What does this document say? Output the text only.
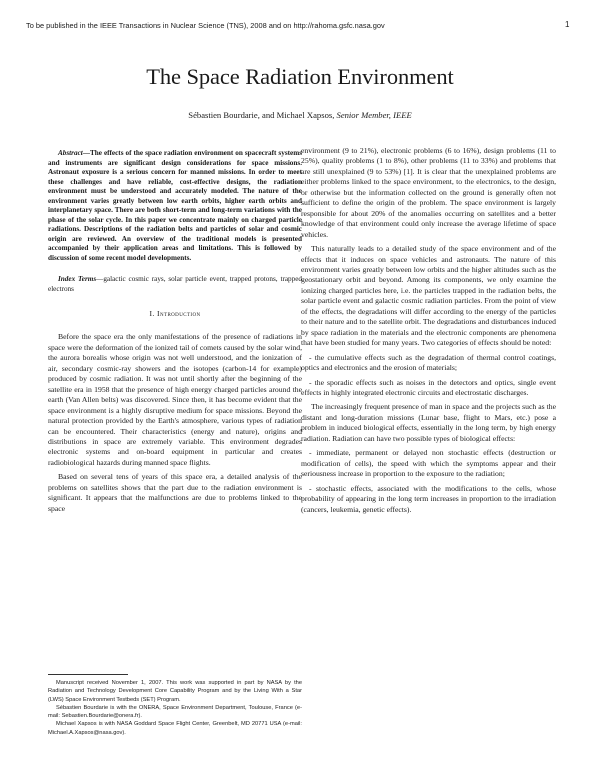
To be published in the IEEE Transactions in Nuclear Science (TNS), 2008 and on http://rahoma.gsfc.nasa.gov	1
The Space Radiation Environment
Sébastien Bourdarie, and Michael Xapsos, Senior Member, IEEE

Abstract—The effects of the space radiation environment on spacecraft systems and instruments are significant design considerations for space missions. Astronaut exposure is a serious concern for manned missions. In order to meet these challenges and have reliable, cost-effective designs, the radiation environment must be understood and accurately modeled. The nature of the environment varies greatly between low earth orbits, higher earth orbits and interplanetary space. There are both short-term and long-term variations with the phase of the solar cycle. In this paper we concentrate mainly on charged particle radiations. Descriptions of the radiation belts and particles of solar and cosmic origin are reviewed. An overview of the traditional models is presented accompanied by their application areas and limitations. This is followed by discussion of some recent model developments.

Index Terms—galactic cosmic rays, solar particle event, trapped protons, trapped electrons

I. Introduction

Before the space era the only manifestations of the presence of radiations in space were the deformation of the ionized tail of comets caused by the solar wind, the aurora borealis whose origin was not well understood, and the ionization of air, secondary cosmic-ray showers and the isotopes (carbon-14 for example) produced by cosmic radiation. It was not until shortly after the beginning of the satellite era in 1958 that the presence of high energy charged particles around the earth (Van Allen belts) was discovered. Since then, it has become evident that the space environment is a highly disruptive medium for space missions. Beyond the natural protection provided by the Earth's atmosphere, various types of radiation can be encountered. Their characteristics (energy and nature), origins and distributions in space are extremely variable. This environment degrades electronic systems and on-board equipment in particular and creates radiobiological hazards during manned space flights.

Based on several tens of years of this space era, a detailed analysis of the problems on satellites shows that the part due to the radiation environment is significant. It appears that the malfunctions are due to problems linked to the space

Manuscript received November 1, 2007. This work was supported in part by NASA by the Radiation and Technology Development Core Capability Program and by the Living With a Star (LWS) Space Environment Testbeds (SET) Program.

Sébastien Bourdarie is with the ONERA, Space Environment Department, Toulouse, France (e-mail: Sebastien.Bourdarie@onera.fr).

Michael Xapsos is with NASA Goddard Space Flight Center, Greenbelt, MD 20771 USA (e-mail: Michael.A.Xapsos@nasa.gov).

environment (9 to 21%), electronic problems (6 to 16%), design problems (11 to 25%), quality problems (1 to 8%), other problems (11 to 33%) and problems that are still unexplained (9 to 53%) [1]. It is clear that the unexplained problems are either problems linked to the space environment, to the electronics, to the design, or otherwise but the information collected on the ground is generally often not sufficient to define the origin of the problem. The space environment is largely responsible for about 20% of the anomalies occurring on satellites and a better knowledge of that environment could only increase the average lifetime of space vehicles.

This naturally leads to a detailed study of the space environment and of the effects that it induces on space vehicles and astronauts. The nature of this environment varies greatly between low orbits and the higher altitudes such as the geostationary orbit and beyond. Among its components, we only examine the ionizing charged particles here, i.e. the particles trapped in the radiation belts, the solar particle event and galactic cosmic radiation particles. From the point of view of the effects, the degradations will differ according to the energy of the particles to their nature and to the satellite orbit. The degradations and disturbances induced by space radiation in the materials and the electronic components are phenomena that have been studied for many years. Two categories of effects should be noted:

- the cumulative effects such as the degradation of thermal control coatings, optics and electronics and the erosion of materials;

- the sporadic effects such as noises in the detectors and optics, single event effects in highly integrated electronic circuits and electrostatic discharges.

The increasingly frequent presence of man in space and the projects such as the distant and long-duration missions (Lunar base, flight to Mars, etc.) pose a problem in induced biological effects, essentially in the long term, by high energy radiation. Radiation can have two possible types of biological effects:

- immediate, permanent or delayed non stochastic effects (destruction or modification of cells), the speed with which the symptoms appear and their seriousness increase in proportion to the exposure to the radiation;

- stochastic effects, associated with the modifications to the cells, whose probability of appearing in the long term increases in proportion to the irradiation (cancers, leukemia, genetic effects).
